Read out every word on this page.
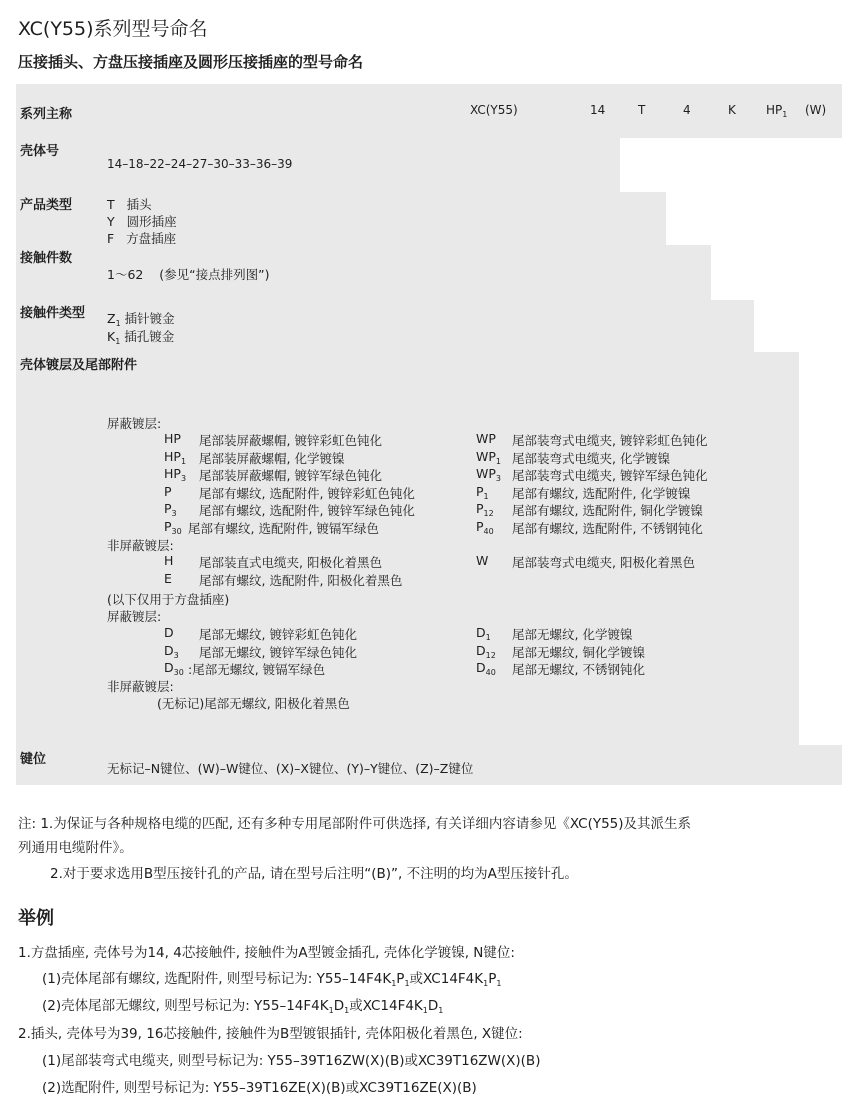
XC(Y55)系列型号命名
压接插头、方盘压接插座及圆形压接插座的型号命名
系列主称	XC(Y55)	14	T	4	K	$HP_1$ (W)
壳体号
14–18–22–24–27–30–33–36–39
产品类型	T 插头
Y 圆形插座
F 方盘插座
接触件数
1～62 (参见“接点排列图”)
接触件类型 $Z_1$ 插针镀金
$K_1$ 插孔镀金
壳体镀层及尾部附件
屏蔽镀层:
HP 尾部装屏蔽螺帽, 镀锌彩虹色钝化	WP 尾部装弯式电缆夹, 镀锌彩虹色钝化
$HP_1$ 尾部装屏蔽螺帽, 化学镀镍	$WP_1$ 尾部装弯式电缆夹, 化学镀镍
$HP_3$ 尾部装屏蔽螺帽, 镀锌军绿色钝化	$WP_3$ 尾部装弯式电缆夹, 镀锌军绿色钝化
P 尾部有螺纹, 选配附件, 镀锌彩虹色钝化	$P_1$ 尾部有螺纹, 选配附件, 化学镀镍
$P_3$ 尾部有螺纹, 选配附件, 镀锌军绿色钝化	$P_{12}$ 尾部有螺纹, 选配附件, 铜化学镀镍
$P_{30}$ 尾部有螺纹, 选配附件, 镀镉军绿色	$P_{40}$ 尾部有螺纹, 选配附件, 不锈钢钝化
非屏蔽镀层:
H 尾部装直式电缆夹, 阳极化着黑色	W 尾部装弯式电缆夹, 阳极化着黑色
E 尾部有螺纹, 选配附件, 阳极化着黑色
(以下仅用于方盘插座)
屏蔽镀层:
D 尾部无螺纹, 镀锌彩虹色钝化	$D_1$ 尾部无螺纹, 化学镀镍
$D_3$ 尾部无螺纹, 镀锌军绿色钝化	$D_{12}$ 尾部无螺纹, 铜化学镀镍
$D_{30}$ :尾部无螺纹, 镀镉军绿色	$D_{40}$ 尾部无螺纹, 不锈钢钝化
非屏蔽镀层:
(无标记)尾部无螺纹, 阳极化着黑色
键位
无标记–N键位、(W)–W键位、(X)–X键位、(Y)–Y键位、(Z)–Z键位
注: 1.为保证与各种规格电缆的匹配, 还有多种专用尾部附件可供选择, 有关详细内容请参见《XC(Y55)及其派生系
列通用电缆附件》。
2.对于要求选用B型压接针孔的产品, 请在型号后注明“(B)”, 不注明的均为A型压接针孔。
举例
1.方盘插座, 壳体号为14, 4芯接触件, 接触件为A型镀金插孔, 壳体化学镀镍, N键位:
(1)壳体尾部有螺纹, 选配附件, 则型号标记为: $Y55-14F4K_1P_1$或$XC14F4K_1P_1$
(2)壳体尾部无螺纹, 则型号标记为: $Y55-14F4K_1D_1$或$XC14F4K_1D_1$
2.插头, 壳体号为39, 16芯接触件, 接触件为B型镀银插针, 壳体阳极化着黑色, X键位:
(1)尾部装弯式电缆夹, 则型号标记为: Y55–39T16ZW(X)(B)或XC39T16ZW(X)(B)
(2)选配附件, 则型号标记为: Y55–39T16ZE(X)(B)或XC39T16ZE(X)(B)
